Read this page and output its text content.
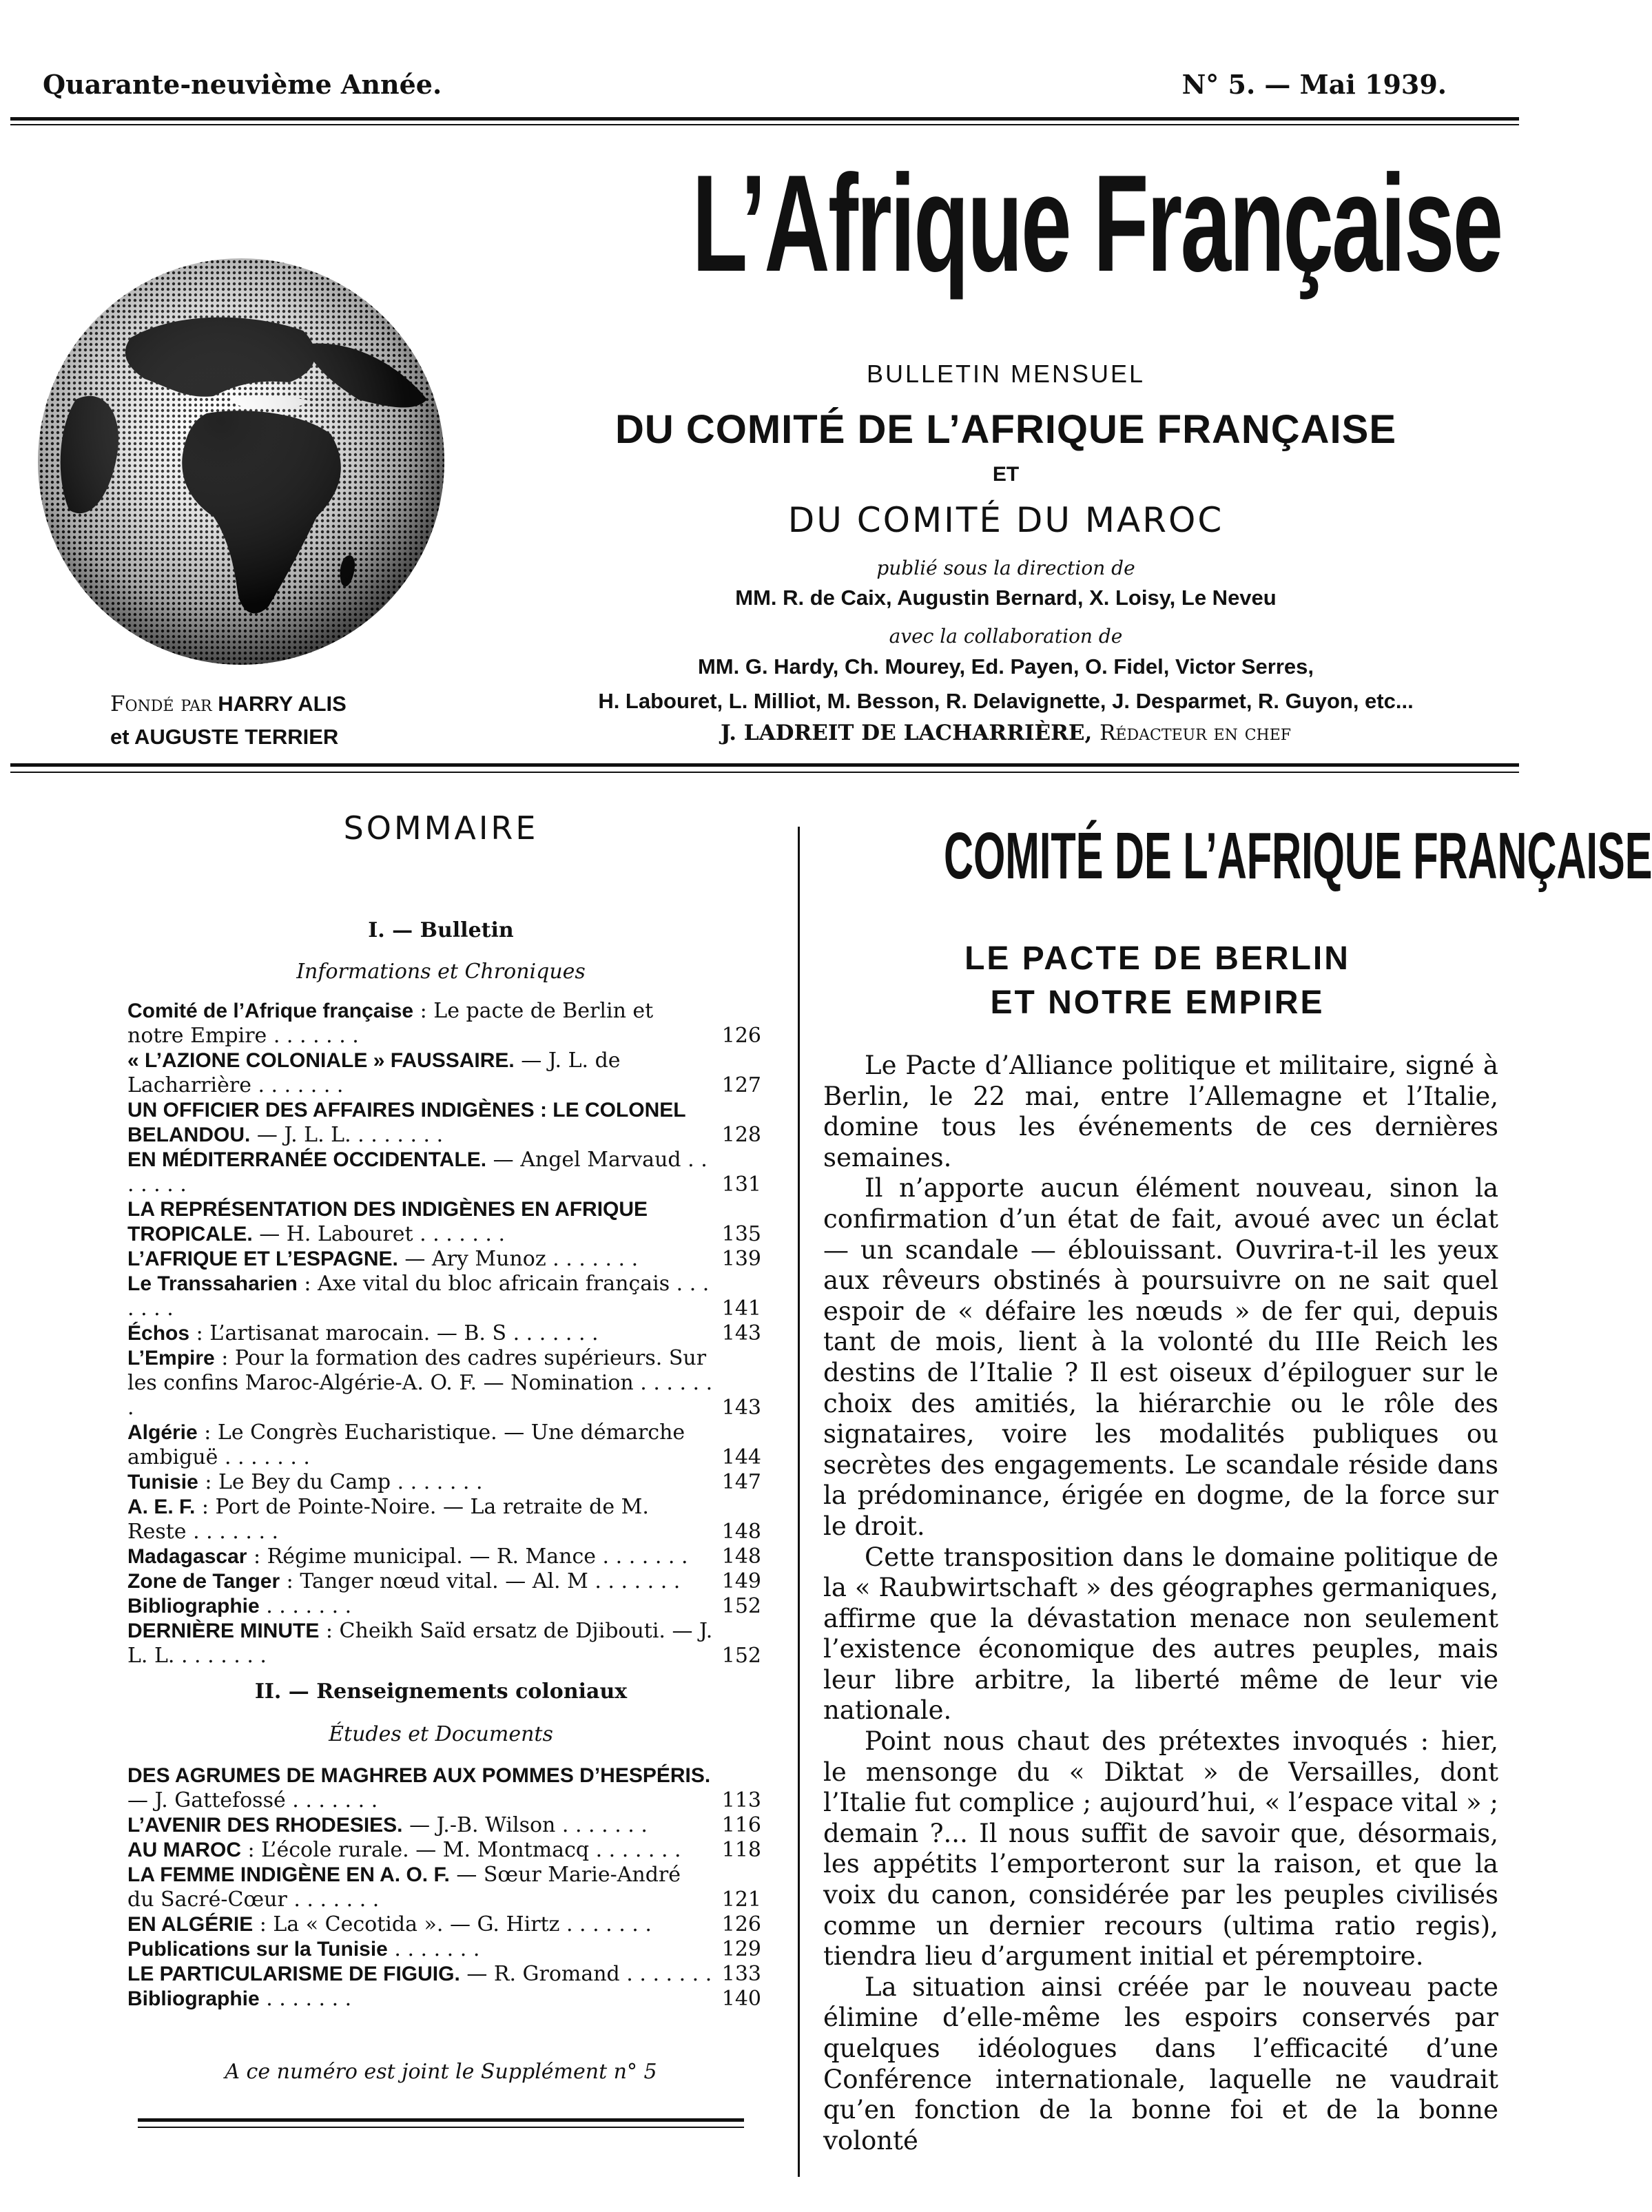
Quarante-neuvième Année.	N° 5. — Mai 1939.
L’Afrique Française
BULLETIN MENSUEL
DU COMITÉ DE L’AFRIQUE FRANÇAISE
ET
DU COMITÉ DU MAROC
publié sous la direction de
MM. R. de Caix, Augustin Bernard, X. Loisy, Le Neveu
avec la collaboration de
MM. G. Hardy, Ch. Mourey, Ed. Payen, O. Fidel, Victor Serres,
H. Labouret, L. Milliot, M. Besson, R. Delavignette, J. Desparmet, R. Guyon, etc...
J. LADREIT DE LACHARRIÈRE, Rédacteur en chef
Fondé par HARRY ALIS
et AUGUSTE TERRIER
SOMMAIRE
I. — Bulletin
Informations et Chroniques
Comité de l’Afrique française : Le pacte de Berlin et notre Empire . . . . . . .	126
« L’AZIONE COLONIALE » FAUSSAIRE. — J. L. de Lacharrière . . . . . . .	127
UN OFFICIER DES AFFAIRES INDIGÈNES : LE COLONEL BELANDOU. — J. L. L. . . . . . . .	128
EN MÉDITERRANÉE OCCIDENTALE. — Angel Marvaud . . . . . . .	131
LA REPRÉSENTATION DES INDIGÈNES EN AFRIQUE TROPICALE. — H. Labouret . . . . . . .	135
L’AFRIQUE ET L’ESPAGNE. — Ary Munoz . . . . . . .	139
Le Transsaharien : Axe vital du bloc africain français . . . . . . .	141
Échos : L’artisanat marocain. — B. S . . . . . . .	143
L’Empire : Pour la formation des cadres supérieurs. Sur les confins Maroc-Algérie-A. O. F. — Nomination . . . . . . .	143
Algérie : Le Congrès Eucharistique. — Une démarche ambiguë . . . . . . .	144
Tunisie : Le Bey du Camp . . . . . . .	147
A. E. F. : Port de Pointe-Noire. — La retraite de M. Reste . . . . . . .	148
Madagascar : Régime municipal. — R. Mance . . . . . . .	148
Zone de Tanger : Tanger nœud vital. — Al. M . . . . . . .	149
Bibliographie . . . . . . .	152
DERNIÈRE MINUTE : Cheikh Saïd ersatz de Djibouti. — J. L. L. . . . . . . .	152
II. — Renseignements coloniaux
Études et Documents
DES AGRUMES DE MAGHREB AUX POMMES D’HESPÉRIS. — J. Gattefossé . . . . . . .	113
L’AVENIR DES RHODESIES. — J.-B. Wilson . . . . . . .	116
AU MAROC : L’école rurale. — M. Montmacq . . . . . . .	118
LA FEMME INDIGÈNE EN A. O. F. — Sœur Marie-André du Sacré-Cœur . . . . . . .	121
EN ALGÉRIE : La « Cecotida ». — G. Hirtz . . . . . . .	126
Publications sur la Tunisie . . . . . . .	129
LE PARTICULARISME DE FIGUIG. — R. Gromand . . . . . . . 133
Bibliographie . . . . . . .	140
A ce numéro est joint le Supplément n° 5
COMITÉ DE L’AFRIQUE FRANÇAISE
LE PACTE DE BERLIN
ET NOTRE EMPIRE

Le Pacte d’Alliance politique et militaire, signé à Berlin, le 22 mai, entre l’Allemagne et l’Italie, domine tous les événements de ces dernières semaines.

Il n’apporte aucun élément nouveau, sinon la confirmation d’un état de fait, avoué avec un éclat — un scandale — éblouissant. Ouvrira-t-il les yeux aux rêveurs obstinés à poursuivre on ne sait quel espoir de « défaire les nœuds » de fer qui, depuis tant de mois, lient à la volonté du IIIe Reich les destins de l’Italie ? Il est oiseux d’épiloguer sur le choix des amitiés, la hiérarchie ou le rôle des signataires, voire les modalités publiques ou secrètes des engagements. Le scandale réside dans la prédominance, érigée en dogme, de la force sur le droit.

Cette transposition dans le domaine politique de la « Raubwirtschaft » des géographes germaniques, affirme que la dévastation menace non seulement l’existence économique des autres peuples, mais leur libre arbitre, la liberté même de leur vie nationale.

Point nous chaut des prétextes invoqués : hier, le mensonge du « Diktat » de Versailles, dont l’Italie fut complice ; aujourd’hui, « l’espace vital » ; demain ?... Il nous suffit de savoir que, désormais, les appétits l’emporteront sur la raison, et que la voix du canon, considérée par les peuples civilisés comme un dernier recours (ultima ratio regis), tiendra lieu d’argument initial et péremptoire.

La situation ainsi créée par le nouveau pacte élimine d’elle-même les espoirs conservés par quelques idéologues dans l’efficacité d’une Conférence internationale, laquelle ne vaudrait qu’en fonction de la bonne foi et de la bonne volonté
